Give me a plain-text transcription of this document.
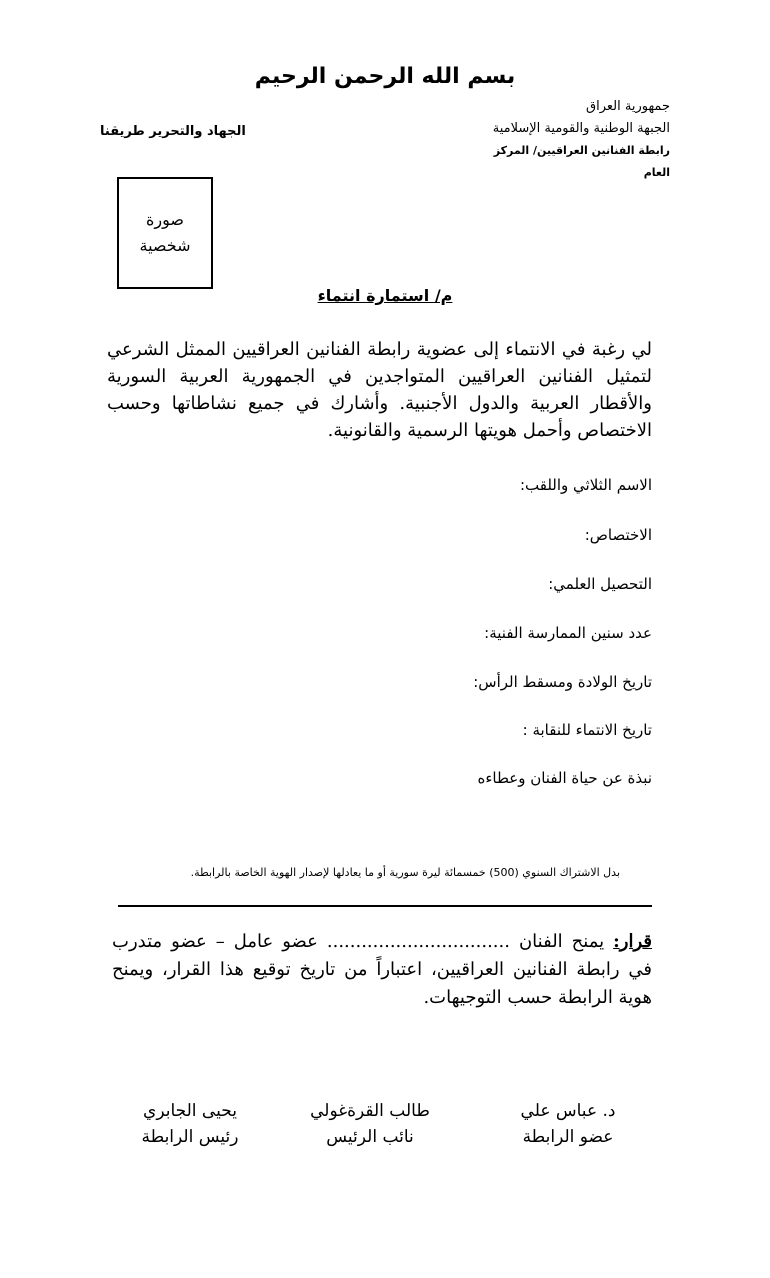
بسم الله الرحمن الرحيم
جمهورية العراق
الجبهة الوطنية والقومية الإسلامية
رابطة الفنانين العراقيين/ المركز العام
الجهاد والتحرير طريقنا
صورة
شخصية
م/ استمارة انتماء
لي رغبة في الانتماء إلى عضوية رابطة الفنانين العراقيين الممثل الشرعي لتمثيل الفنانين العراقيين المتواجدين في الجمهورية العربية السورية والأقطار العربية والدول الأجنبية. وأشارك في جميع نشاطاتها وحسب الاختصاص وأحمل هويتها الرسمية والقانونية.
الاسم الثلاثي واللقب:
الاختصاص:
التحصيل العلمي:
عدد سنين الممارسة الفنية:
تاريخ الولادة ومسقط الرأس:
تاريخ الانتماء للنقابة :
نبذة عن حياة الفنان وعطاءه
بدل الاشتراك السنوي (500) خمسمائة ليرة سورية أو ما يعادلها لإصدار الهوية الخاصة بالرابطة.
قرار: يمنح الفنان ................................ عضو عامل – عضو متدرب في رابطة الفنانين العراقيين، اعتباراً من تاريخ توقيع هذا القرار، ويمنح هوية الرابطة حسب التوجيهات.
د. عباس علي
عضو الرابطة
طالب القرةغولي
نائب الرئيس
يحيى الجابري
رئيس الرابطة
